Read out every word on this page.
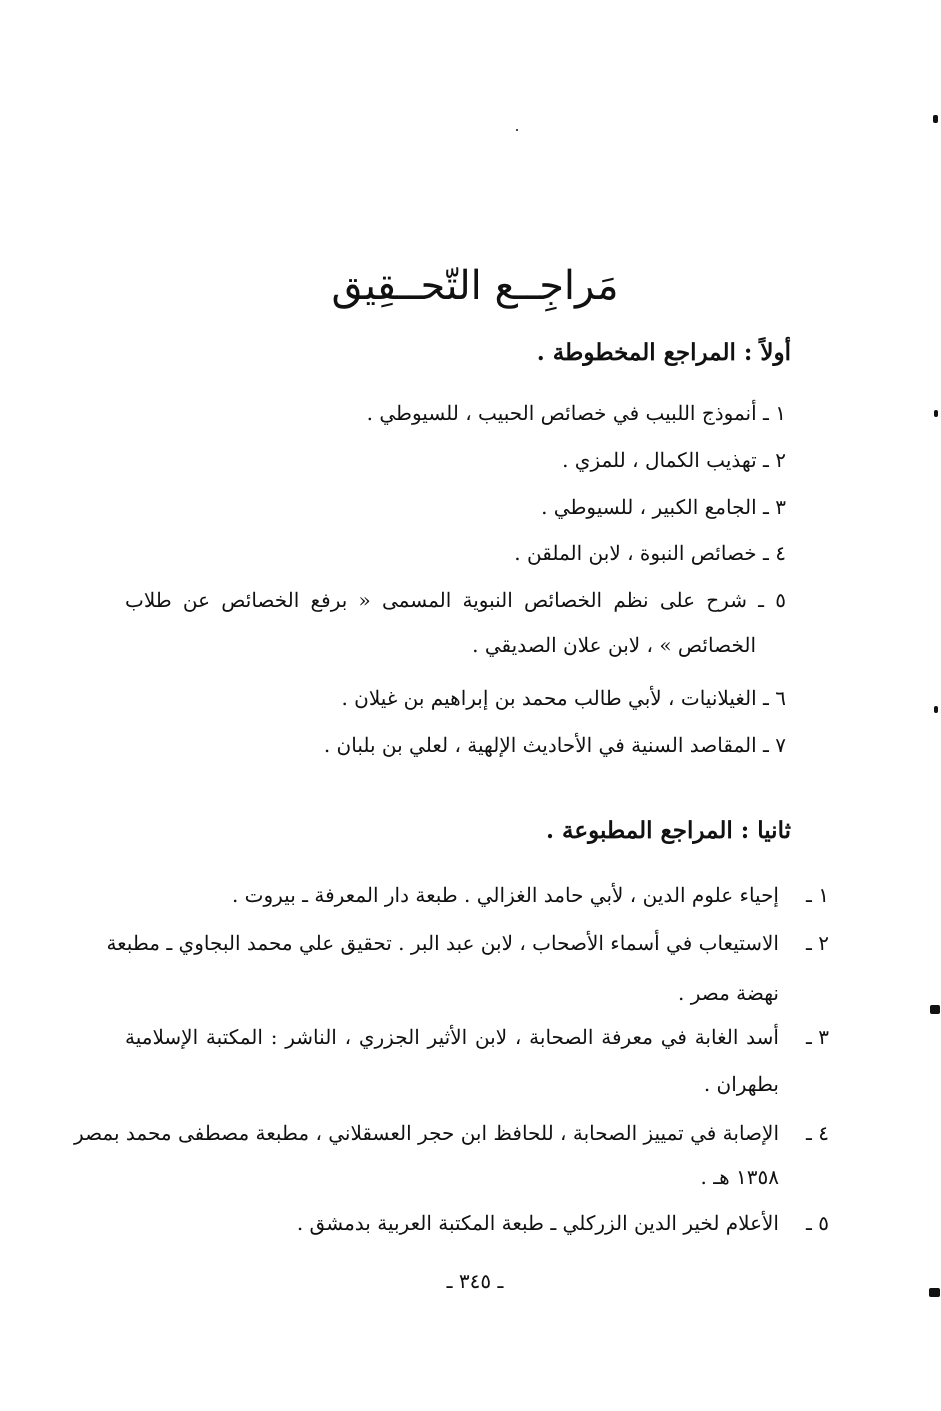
مَراجِــع التّحــقِيق
أولاً : المراجع المخطوطة .
١ ـ أنموذج اللبيب في خصائص الحبيب ، للسيوطي .
٢ ـ تهذيب الكمال ، للمزي .
٣ ـ الجامع الكبير ، للسيوطي .
٤ ـ خصائص النبوة ، لابن الملقن .
٥ ـ شرح على نظم الخصائص النبوية المسمى « برفع الخصائص عن طلاب
الخصائص » ، لابن علان الصديقي .
٦ ـ الغيلانيات ، لأبي طالب محمد بن إبراهيم بن غيلان .
٧ ـ المقاصد السنية في الأحاديث الإلهية ، لعلي بن بلبان .
ثانيا : المراجع المطبوعة .
١ ـ
إحياء علوم الدين ، لأبي حامد الغزالي . طبعة دار المعرفة ـ بيروت .
٢ ـ
الاستيعاب في أسماء الأصحاب ، لابن عبد البر . تحقيق علي محمد البجاوي ـ مطبعة
نهضة مصر .
٣ ـ
أسد الغابة في معرفة الصحابة ، لابن الأثير الجزري ، الناشر : المكتبة الإسلامية
بطهران .
٤ ـ
الإصابة في تمييز الصحابة ، للحافظ ابن حجر العسقلاني ، مطبعة مصطفى محمد بمصر
١٣٥٨ هـ .
٥ ـ
الأعلام لخير الدين الزركلي ـ طبعة المكتبة العربية بدمشق .
ـ ٣٤٥ ـ
